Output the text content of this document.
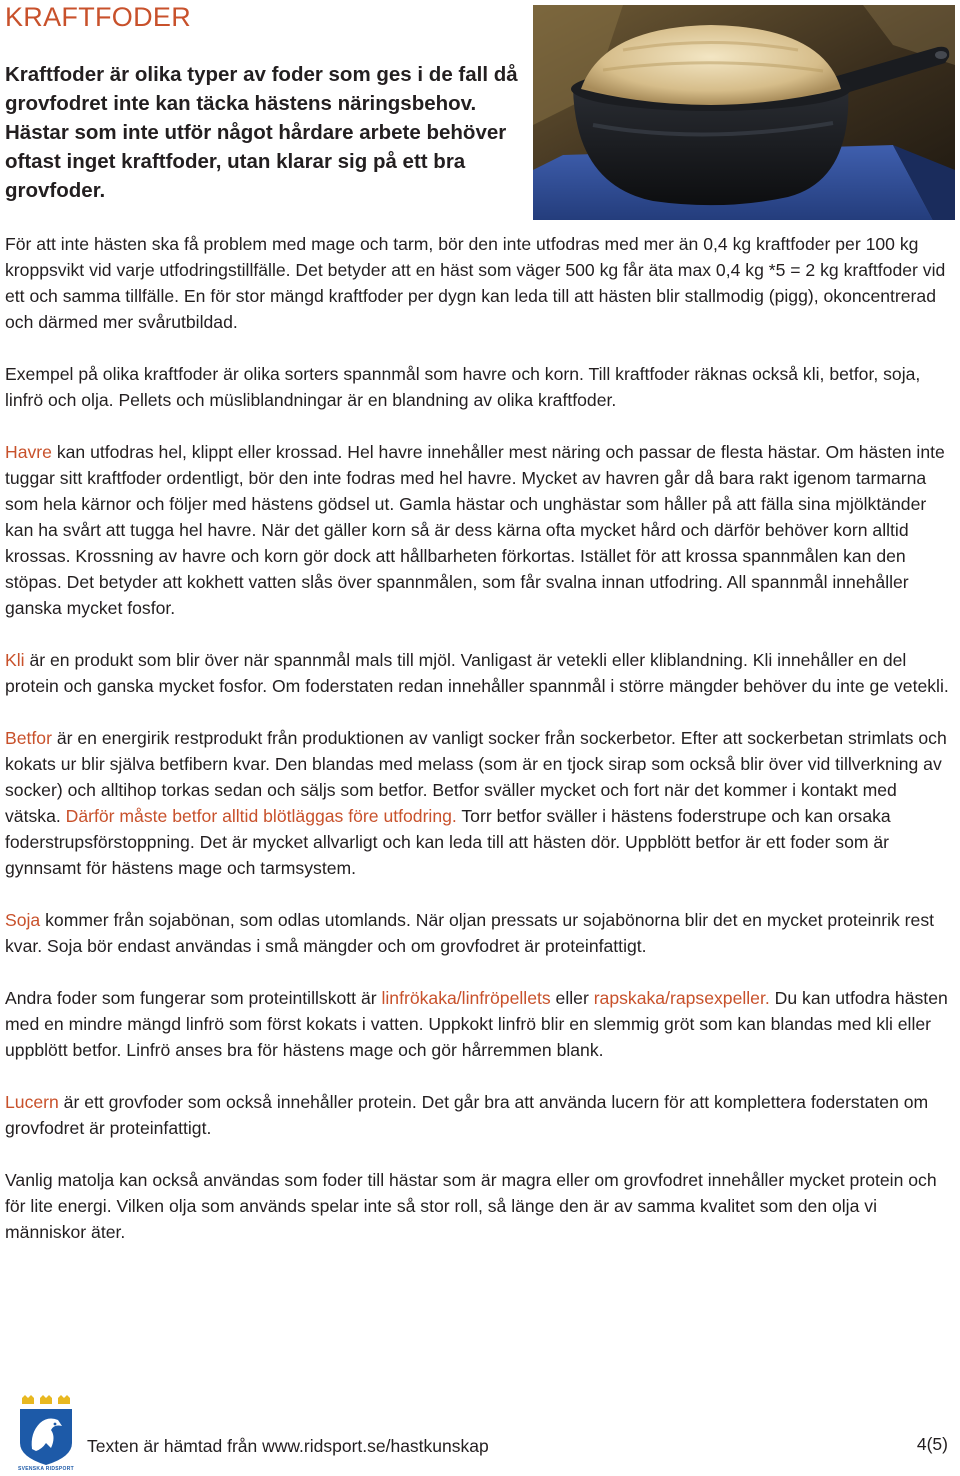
KRAFTFODER

Kraftfoder är olika typer av foder som ges i de fall då grovfodret inte kan täcka hästens näringsbehov. Hästar som inte utför något hårdare arbete behöver oftast inget kraftfoder, utan klarar sig på ett bra grovfoder.

För att inte hästen ska få problem med mage och tarm, bör den inte utfodras med mer än 0,4 kg kraftfoder per 100 kg kroppsvikt vid varje utfodringstillfälle. Det betyder att en häst som väger 500 kg får äta max 0,4 kg *5 = 2 kg kraftfoder vid ett och samma tillfälle. En för stor mängd kraftfoder per dygn kan leda till att hästen blir stallmodig (pigg), okoncentrerad och därmed mer svårutbildad.

Exempel på olika kraftfoder är olika sorters spannmål som havre och korn. Till kraftfoder räknas också kli, betfor, soja, linfrö och olja. Pellets och müsliblandningar är en blandning av olika kraftfoder.

Havre kan utfodras hel, klippt eller krossad. Hel havre innehåller mest näring och passar de flesta hästar. Om hästen inte tuggar sitt kraftfoder ordentligt, bör den inte fodras med hel havre. Mycket av havren går då bara rakt igenom tarmarna som hela kärnor och följer med hästens gödsel ut. Gamla hästar och unghästar som håller på att fälla sina mjölktänder kan ha svårt att tugga hel havre. När det gäller korn så är dess kärna ofta mycket hård och därför behöver korn alltid krossas. Krossning av havre och korn gör dock att hållbarheten förkortas. Istället för att krossa spannmålen kan den stöpas. Det betyder att kokhett vatten slås över spannmålen, som får svalna innan utfodring. All spannmål innehåller ganska mycket fosfor.

Kli är en produkt som blir över när spannmål mals till mjöl. Vanligast är vetekli eller kliblandning. Kli innehåller en del protein och ganska mycket fosfor. Om foderstaten redan innehåller spannmål i större mängder behöver du inte ge vetekli.

Betfor är en energirik restprodukt från produktionen av vanligt socker från sockerbetor. Efter att sockerbetan strimlats och kokats ur blir själva betfibern kvar. Den blandas med melass (som är en tjock sirap som också blir över vid tillverkning av socker) och alltihop torkas sedan och säljs som betfor. Betfor sväller mycket och fort när det kommer i kontakt med vätska. Därför måste betfor alltid blötläggas före utfodring. Torr betfor sväller i hästens foderstrupe och kan orsaka foderstrupsförstoppning. Det är mycket allvarligt och kan leda till att hästen dör. Uppblött betfor är ett foder som är gynnsamt för hästens mage och tarmsystem.

Soja kommer från sojabönan, som odlas utomlands. När oljan pressats ur sojabönorna blir det en mycket proteinrik rest kvar. Soja bör endast användas i små mängder och om grovfodret är proteinfattigt.

Andra foder som fungerar som proteintillskott är linfrökaka/linfröpellets eller rapskaka/rapsexpeller. Du kan utfodra hästen med en mindre mängd linfrö som först kokats i vatten. Uppkokt linfrö blir en slemmig gröt som kan blandas med kli eller uppblött betfor. Linfrö anses bra för hästens mage och gör hårremmen blank.

Lucern är ett grovfoder som också innehåller protein. Det går bra att använda lucern för att komplettera foderstaten om grovfodret är proteinfattigt.

Vanlig matolja kan också användas som foder till hästar som är magra eller om grovfodret innehåller mycket protein och för lite energi. Vilken olja som används spelar inte så stor roll, så länge den är av samma kvalitet som den olja vi människor äter.

SVENSKA RIDSPORT
Texten är hämtad från www.ridsport.se/hastkunskap	4(5)
